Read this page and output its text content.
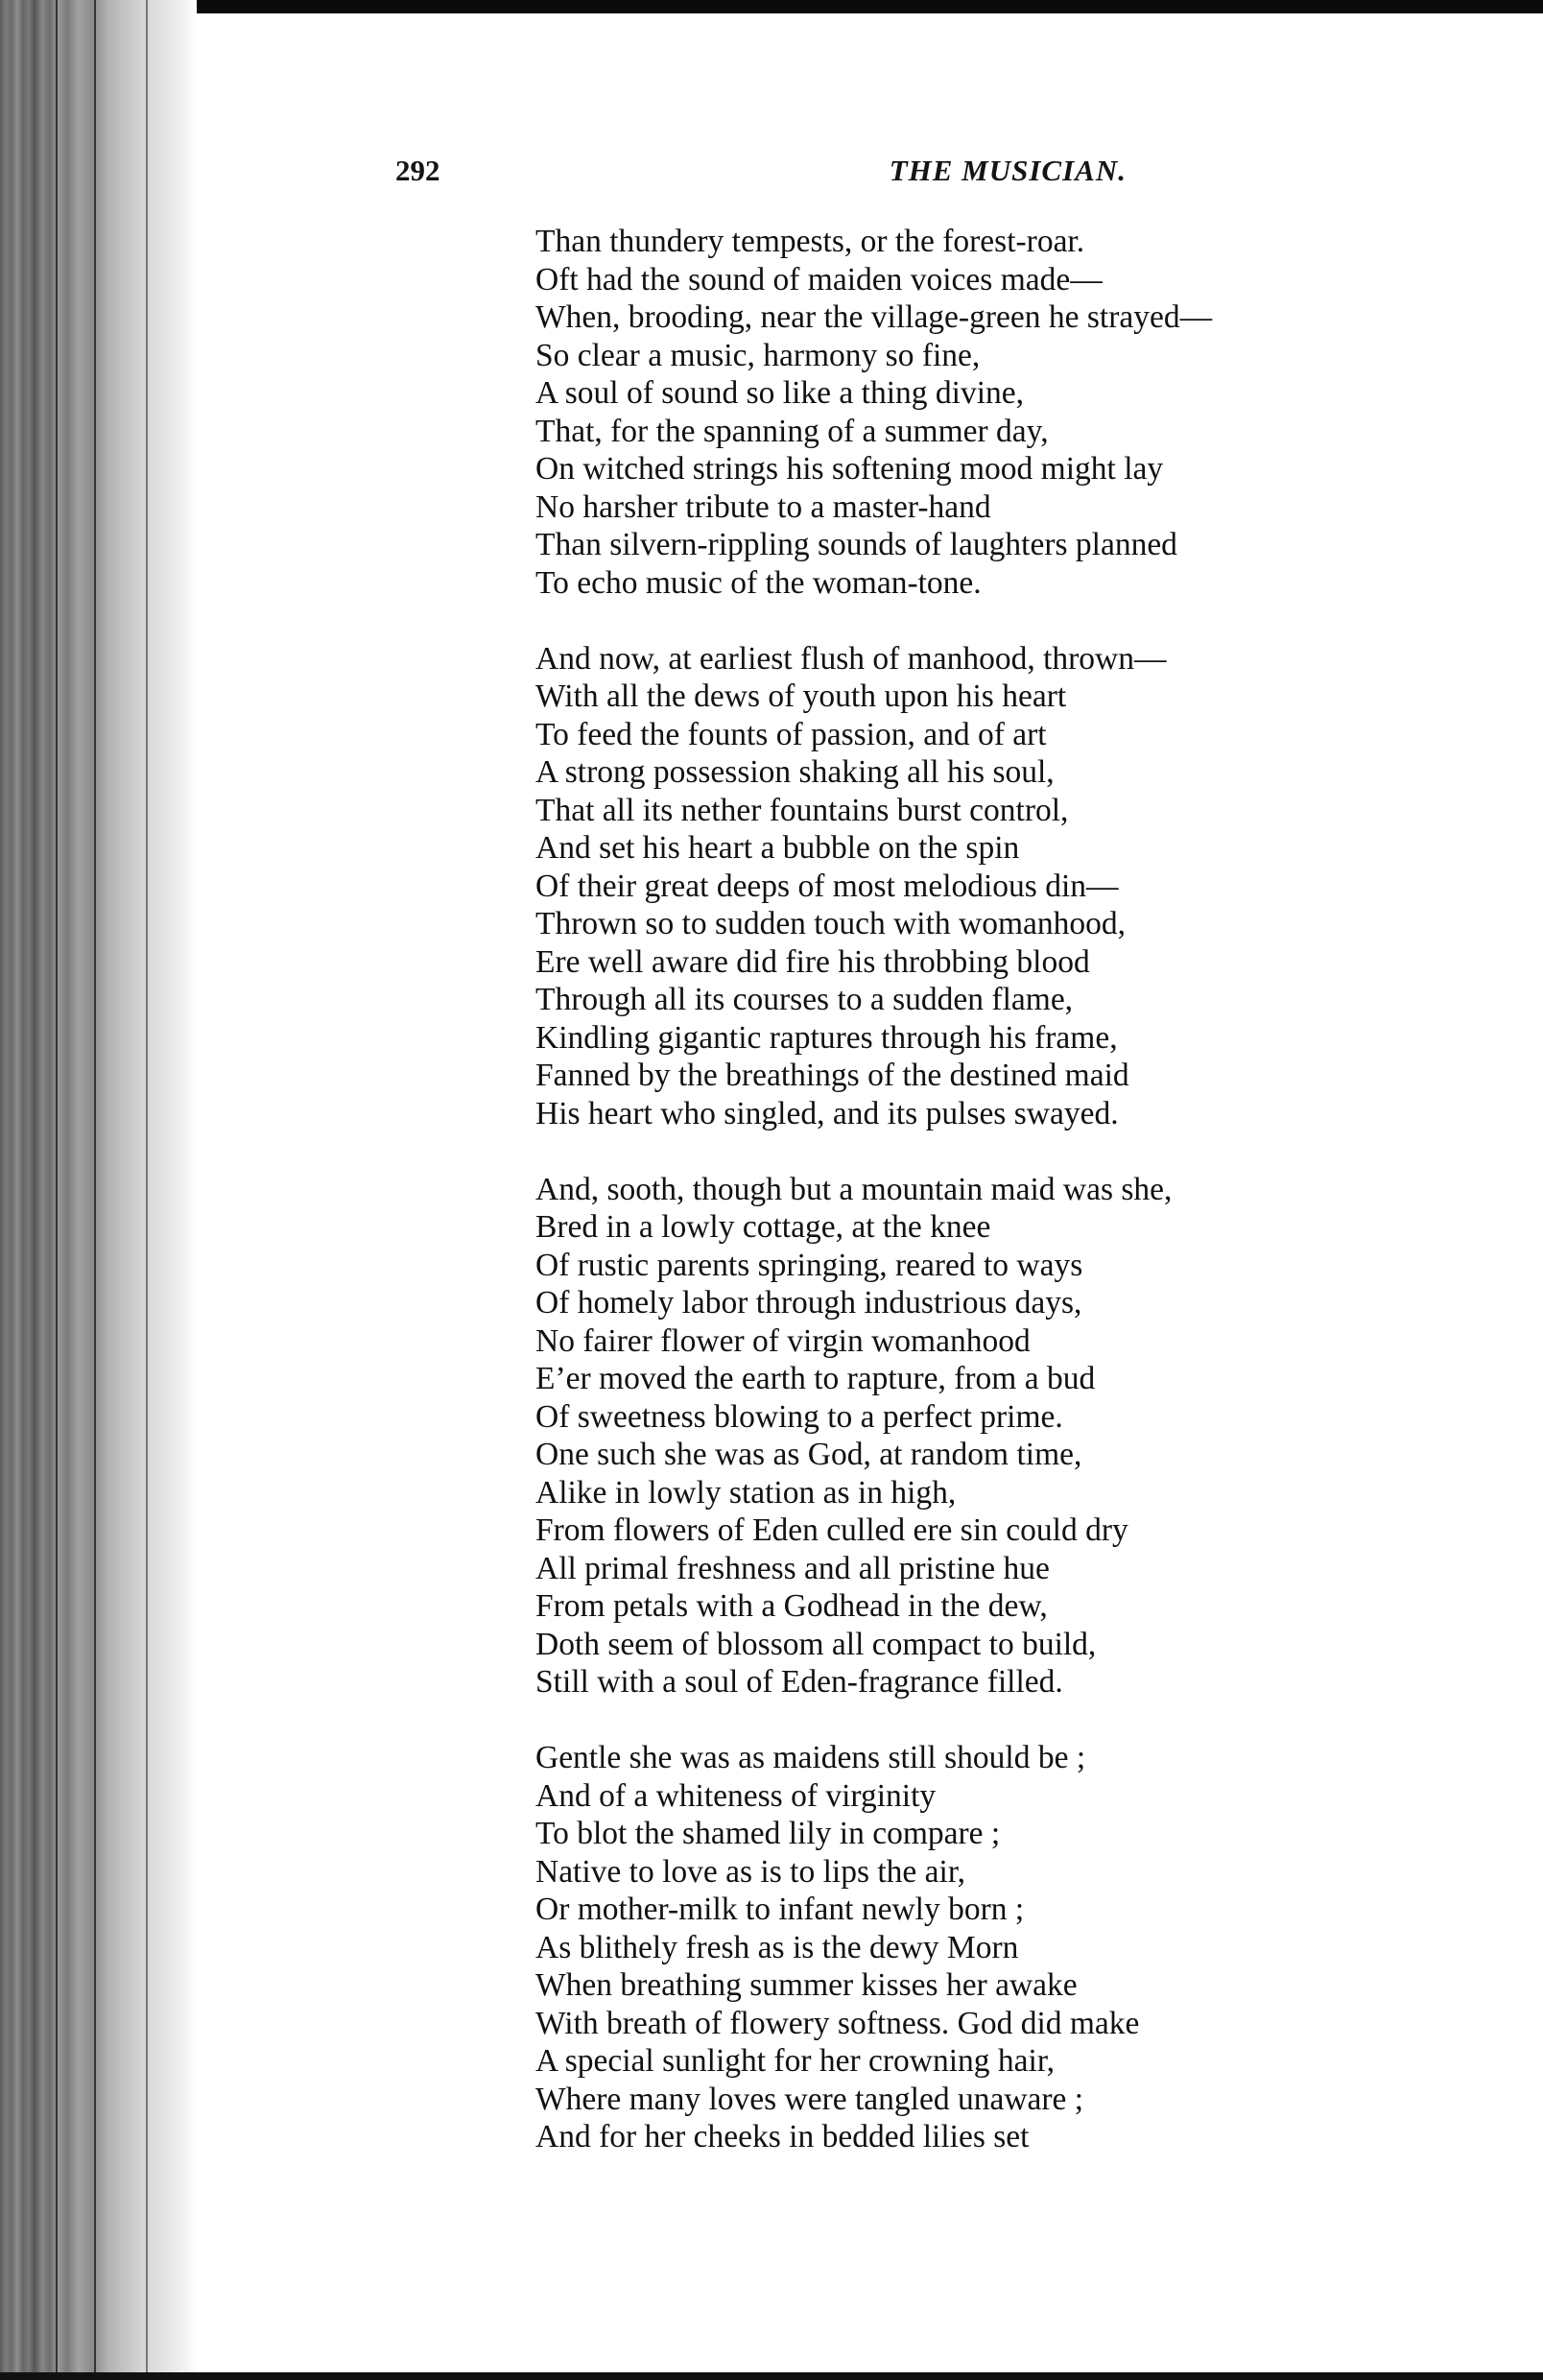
292	THE MUSICIAN.
Than thundery tempests, or the forest-roar.
Oft had the sound of maiden voices made—
When, brooding, near the village-green he strayed—
So clear a music, harmony so fine,
A soul of sound so like a thing divine,
That, for the spanning of a summer day,
On witched strings his softening mood might lay
No harsher tribute to a master-hand
Than silvern-rippling sounds of laughters planned
To echo music of the woman-tone.
And now, at earliest flush of manhood, thrown—
With all the dews of youth upon his heart
To feed the founts of passion, and of art
A strong possession shaking all his soul,
That all its nether fountains burst control,
And set his heart a bubble on the spin
Of their great deeps of most melodious din—
Thrown so to sudden touch with womanhood,
Ere well aware did fire his throbbing blood
Through all its courses to a sudden flame,
Kindling gigantic raptures through his frame,
Fanned by the breathings of the destined maid
His heart who singled, and its pulses swayed.
And, sooth, though but a mountain maid was she,
Bred in a lowly cottage, at the knee
Of rustic parents springing, reared to ways
Of homely labor through industrious days,
No fairer flower of virgin womanhood
E’er moved the earth to rapture, from a bud
Of sweetness blowing to a perfect prime.
One such she was as God, at random time,
Alike in lowly station as in high,
From flowers of Eden culled ere sin could dry
All primal freshness and all pristine hue
From petals with a Godhead in the dew,
Doth seem of blossom all compact to build,
Still with a soul of Eden-fragrance filled.
Gentle she was as maidens still should be ;
And of a whiteness of virginity
To blot the shamed lily in compare ;
Native to love as is to lips the air,
Or mother-milk to infant newly born ;
As blithely fresh as is the dewy Morn
When breathing summer kisses her awake
With breath of flowery softness. God did make
A special sunlight for her crowning hair,
Where many loves were tangled unaware ;
And for her cheeks in bedded lilies set
